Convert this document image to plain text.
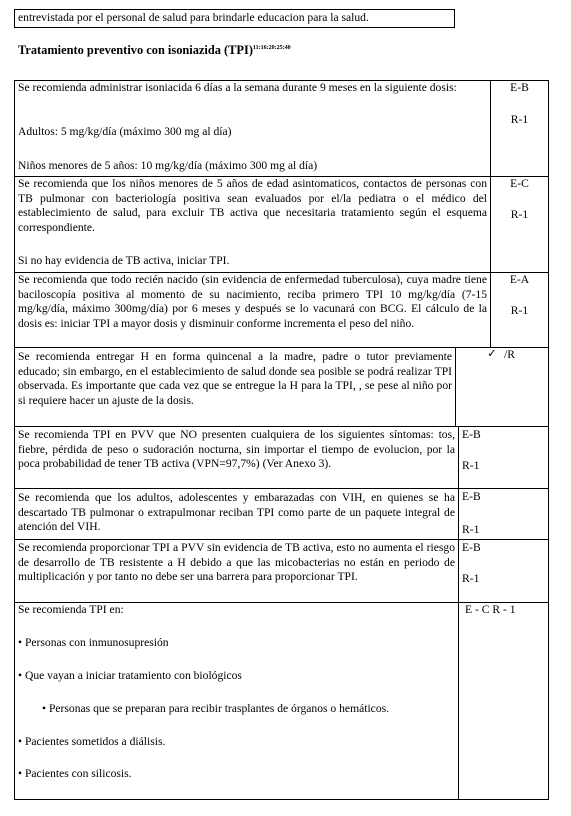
entrevistada por el personal de salud para brindarle educacion para la salud.
Tratamiento preventivo con isoniazida (TPI)$^{11:16:20:25:40}$
Se recomienda administrar isoniacida 6 días a la semana durante 9 meses en la siguiente dosis:
Adultos: 5 mg/kg/día (máximo 300 mg al día)
Niños menores de 5 años: 10 mg/kg/día (máximo 300 mg al día)
E-B
R-1
Se recomienda que los niños menores de 5 años de edad asintomaticos, contactos de personas con TB pulmonar con bacteriología positiva sean evaluados por el/la pediatra o el médico del establecimiento de salud, para excluir TB activa que necesitaria tratamiento según el esquema correspondiente.
Si no hay evidencia de TB activa, iniciar TPI.
E-C
R-1
Se recomienda que todo recién nacido (sin evidencia de enfermedad tuberculosa), cuya madre tiene baciloscopía positiva al momento de su nacimiento, reciba primero TPI 10 mg/kg/día (7-15 mg/kg/día, máximo 300mg/día) por 6 meses y después se lo vacunará con BCG. El cálculo de la dosis es: iniciar TPI a mayor dosis y disminuir conforme incrementa el peso del niño.
E-A
R-1
Se recomienda entregar H en forma quincenal a la madre, padre o tutor previamente educado; sin embargo, en el establecimiento de salud donde sea posible se podrá realizar TPI observada. Es importante que cada vez que se entregue la H para la TPI, , se pese al niño por si requiere hacer un ajuste de la dosis.
✓ /R
Se recomienda TPI en PVV que NO presenten cualquiera de los siguientes síntomas: tos, fiebre, pérdida de peso o sudoración nocturna, sin importar el tiempo de evolucion, por la poca probabilidad de tener TB activa (VPN=97,7%) (Ver Anexo 3).
E-B
R-1
Se recomienda que los adultos, adolescentes y embarazadas con VIH, en quienes se ha descartado TB pulmonar o extrapulmonar reciban TPI como parte de un paquete integral de atención del VIH.
E-B
R-1
Se recomienda proporcionar TPI a PVV sin evidencia de TB activa, esto no aumenta el riesgo de desarrollo de TB resistente a H debido a que las micobacterias no están en periodo de multiplicación y por tanto no debe ser una barrera para proporcionar TPI.
E-B
R-1
Se recomienda TPI en:	E - C R - 1
• Personas con inmunosupresión
• Que vayan a iniciar tratamiento con biológicos
• Personas que se preparan para recibir trasplantes de órganos o hemáticos.
• Pacientes sometidos a diálisis.
• Pacientes con silicosis.
